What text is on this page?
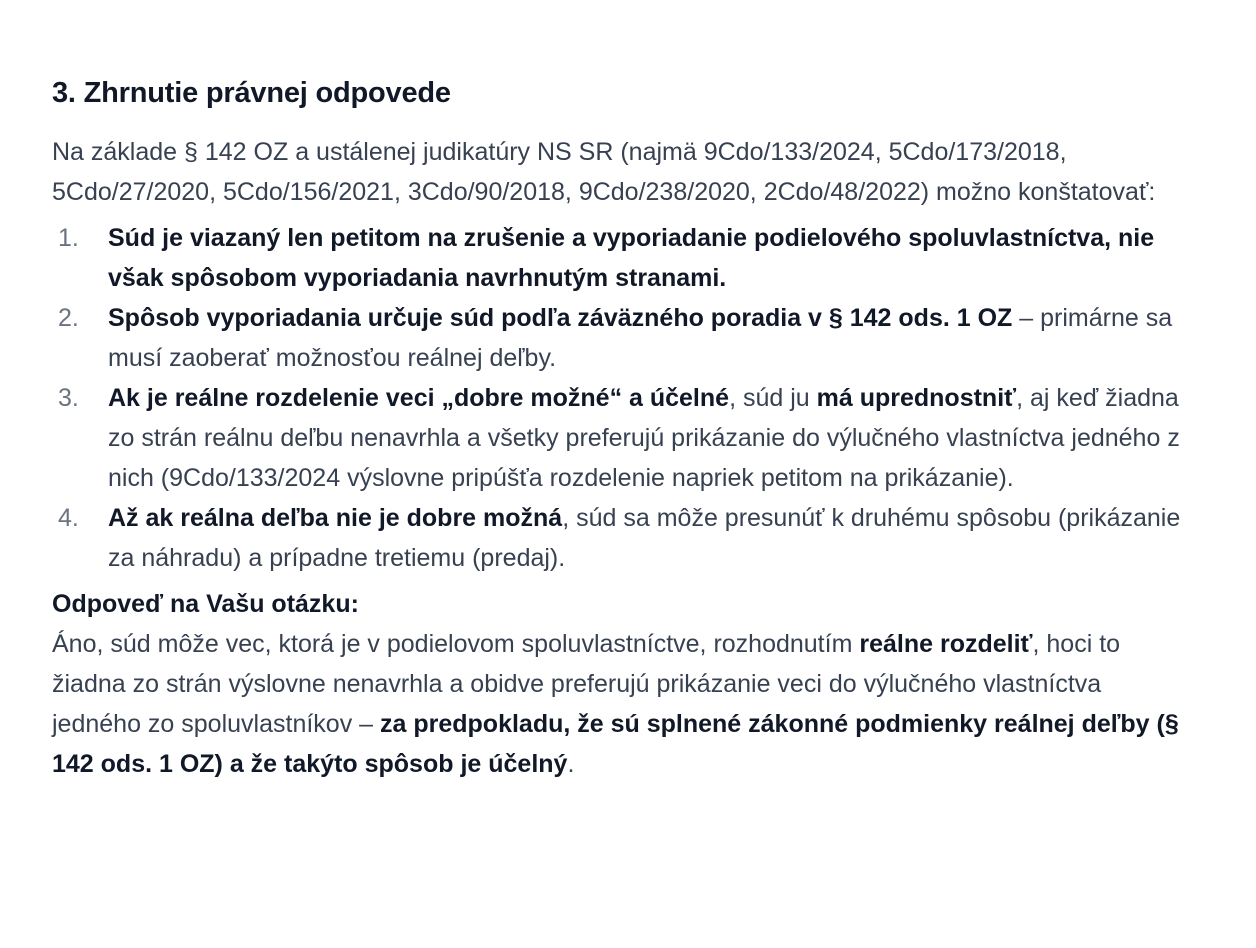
3. Zhrnutie právnej odpovede

Na základe § 142 OZ a ustálenej judikatúry NS SR (najmä 9Cdo/133/2024, 5Cdo/173/2018, 5Cdo/27/2020, 5Cdo/156/2021, 3Cdo/90/2018, 9Cdo/238/2020, 2Cdo/48/2022) možno konštatovať:

1. Súd je viazaný len petitom na zrušenie a vyporiadanie podielového spoluvlastníctva, nie však spôsobom vyporiadania navrhnutým stranami.
2. Spôsob vyporiadania určuje súd podľa záväzného poradia v § 142 ods. 1 OZ – primárne sa musí zaoberať možnosťou reálnej deľby.
3. Ak je reálne rozdelenie veci „dobre možné“ a účelné, súd ju má uprednostniť, aj keď žiadna zo strán reálnu deľbu nenavrhla a všetky preferujú prikázanie do výlučného vlastníctva jedného z nich (9Cdo/133/2024 výslovne pripúšťa rozdelenie napriek petitom na prikázanie).
4. Až ak reálna deľba nie je dobre možná, súd sa môže presunúť k druhému spôsobu (prikázanie za náhradu) a prípadne tretiemu (predaj).

Odpoveď na Vašu otázku:

Áno, súd môže vec, ktorá je v podielovom spoluvlastníctve, rozhodnutím reálne rozdeliť, hoci to žiadna zo strán výslovne nenavrhla a obidve preferujú prikázanie veci do výlučného vlastníctva jedného zo spoluvlastníkov – za predpokladu, že sú splnené zákonné podmienky reálnej deľby (§ 142 ods. 1 OZ) a že takýto spôsob je účelný.
